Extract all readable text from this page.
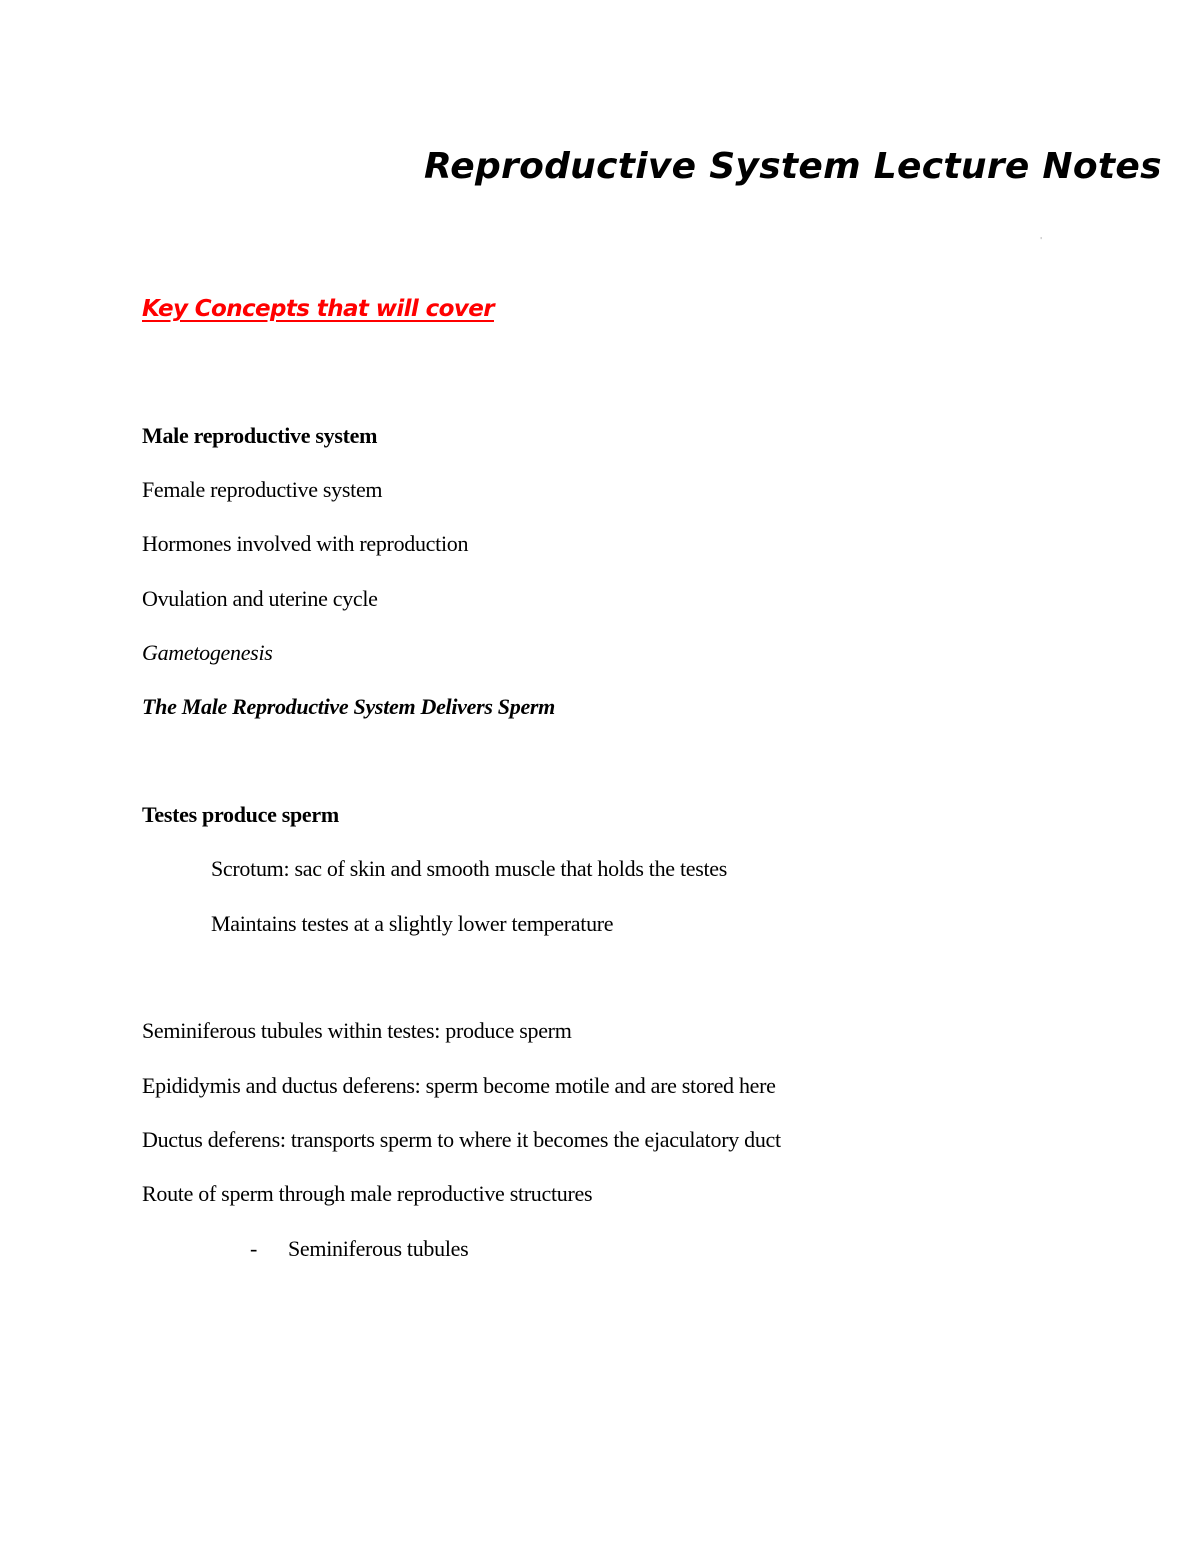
Reproductive System Lecture Notes
'
Key Concepts that will cover

Male reproductive system

Female reproductive system

Hormones involved with reproduction

Ovulation and uterine cycle

Gametogenesis

The Male Reproductive System Delivers Sperm

Testes produce sperm

Scrotum: sac of skin and smooth muscle that holds the testes

Maintains testes at a slightly lower temperature

Seminiferous tubules within testes: produce sperm

Epididymis and ductus deferens: sperm become motile and are stored here

Ductus deferens: transports sperm to where it becomes the ejaculatory duct

Route of sperm through male reproductive structures

- Seminiferous tubules
